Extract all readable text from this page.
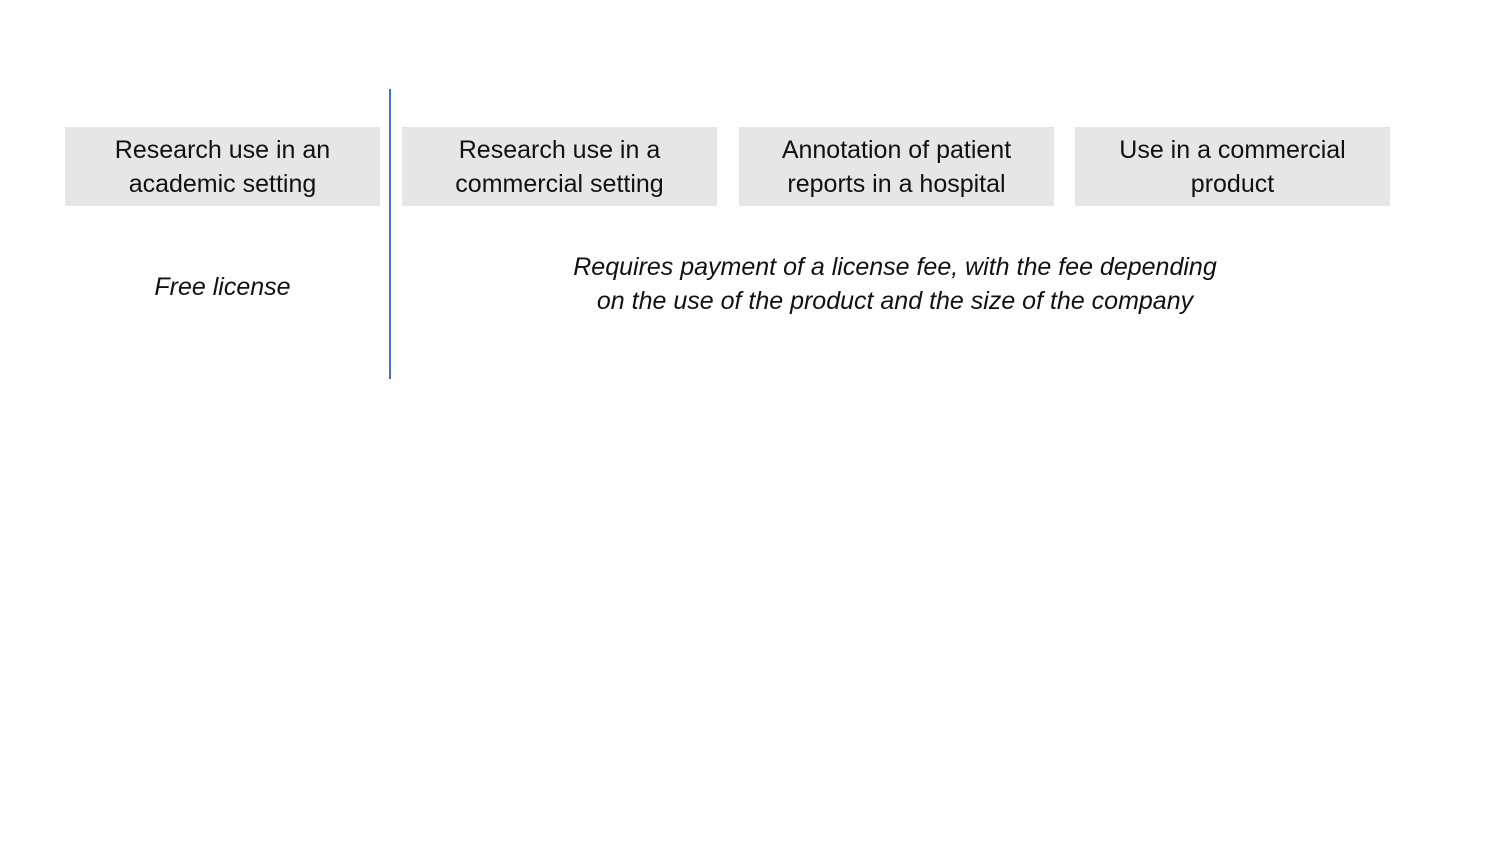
Research use in an academic setting
Research use in a commercial setting
Annotation of patient reports in a hospital
Use in a commercial product
Free license
Requires payment of a license fee, with the fee depending on the use of the product and the size of the company
